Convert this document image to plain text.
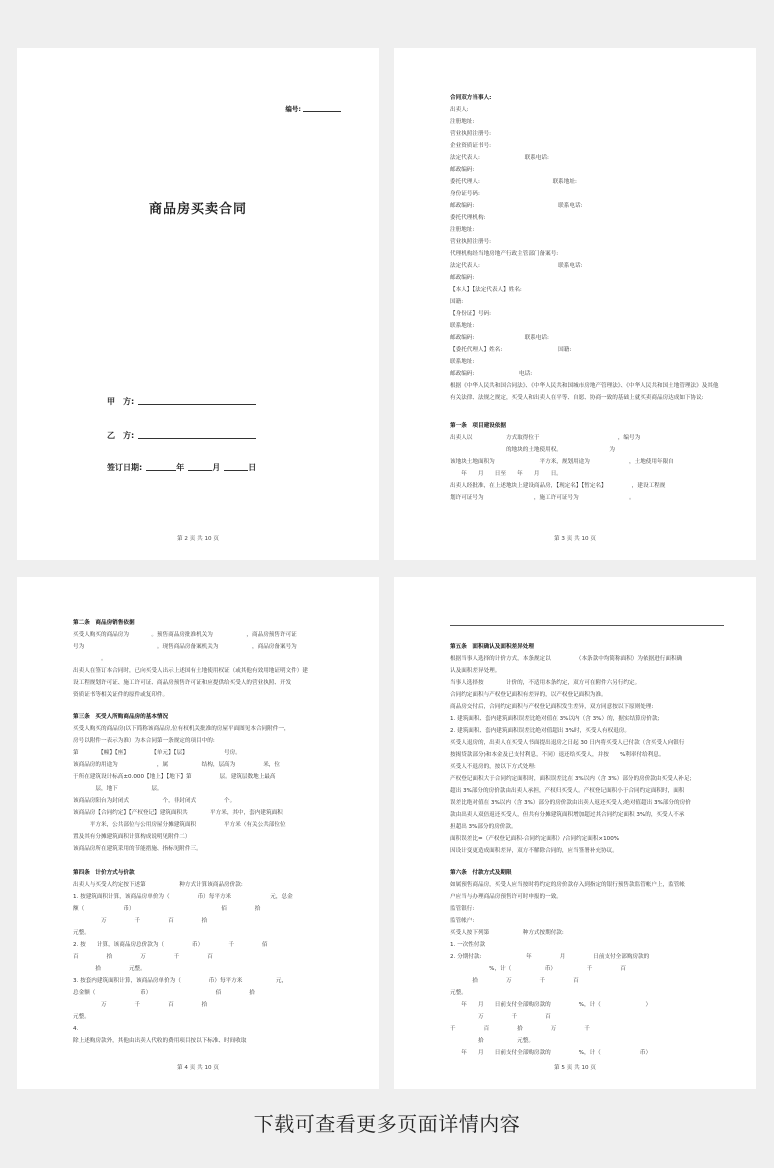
编号:
商品房买卖合同
甲　方:
乙　方:
签订日期:	年	月	日
第 2 页 共 10 页
合同双方当事人:
出卖人:
注册地址:
营业执照注册号:
企业资质证书号:
法定代表人:　　　　　　　　联系电话:
邮政编码:
委托代理人:　　　　　　　　　　　　　联系地址:
身份证号码:
邮政编码:　　　　　　　　　　　　　　　联系电话:
委托代理机构:
注册地址:
营业执照注册号:
代理机构经当地房地产行政主管部门备案号:
法定代表人:　　　　　　　　　　　　　　联系电话:
邮政编码:
【本人】【法定代表人】姓名:
国籍:
【身份证】号码:
联系地址:
邮政编码:　　　　　　　　　联系电话:
【委托代理人】姓名:　　　　　　　　　　国籍:
联系地址:
邮政编码:　　　　　　　　电话:
根据《中华人民共和国合同法》、《中华人民共和国城市房地产管理法》、《中华人民共和国土地管理法》及其他有关法律、法规之规定，买受人和出卖人在平等、自愿、协商一致的基础上就买卖商品房达成如下协议:
第一条　项目建设依据
出卖人以　　　　　　方式取得位于　　　　　　　　　　　　　　，编号为
　　　　　　　　　　的地块的土地使用权。　　　　　　　　　为
该地块土地面积为　　　　　　　　平方米，规划用途为　　　　　　　，土地使用年限自
　　年　　月　　日至　　年　　月　　日。
出卖人经批准，在上述地块上建设商品房，【现定名】【暂定名】　　　　　，建设工程规
划许可证号为　　　　　　　　　，施工许可证号为　　　　　　　　　。
第 3 页 共 10 页
第二条　商品房销售依据
买受人购买的商品房为　　　　。预售商品房批准机关为　　　　　　，商品房预售许可证
号为　　　　　　　　　　　　　。现售商品房备案机关为　　　　　　，商品房备案号为
　　　　　。
出卖人在签订本合同时，已向买受人出示上述国有土地使用权证（或其他有效用地证明文件）建
设工程规划许可证、施工许可证、商品房预售许可证和应提供给买受人的营业执照、开发
资质证书等相关证件的原件或复印件。
第三条　买受人所购商品房的基本情况
买受人购买的商品房(以下简称该商品房,位有权机关批准的房屋平面图见本合同附件一，
房号以附件一表示为准）为本合同第一条规定的项目中的:
第　　　　【幢】【座】　　　　　【单元】【层】　　　　　　　号房。
该商品房的用途为　　　　　　　，属　　　　　　结构，层高为　　　　　米，位
于所在建筑设计标高±0.000【地上】【地下】第　　　　　层。建筑层数地上最高
　　　　层，地下　　　　　　层。
该商品房阳台为封闭式　　　　　　个，非封闭式　　　　　个。
该商品房【合同约定】【产权登记】建筑面积共　　　　平方米，其中，套内建筑面积
　　　平方米，公共部位与公用房屋分摊建筑面积　　　　　平方米（有关公共部位位
置及其有分摊建筑面积计算构成说明见附件二）
该商品房所在建筑采用的节能措施、指标见附件三。
第四条　计价方式与价款
出卖人与买受人约定按下述第　　　　　　种方式计算该商品房价款:
1. 按建筑面积计算，该商品房单价为（　　　　　币）每平方米　　　　　　　元，总金
额（　　　　　　　币）　　　　　　　　　　　　　　　　佰　　　　　拾
　　　　　万　　　　　千　　　　　百　　　　　拾
元整。
2. 按　　计算，该商品房总价款为（　　　　　币）　　　　　千　　　　　佰
百　　　　　拾　　　　　万　　　　　千　　　　　百
　　　　拾　　　　　元整。
3. 按套内建筑面积计算，该商品房单价为（　　　　　币）每平方米　　　　　　元，
总金额（　　　　　　　　币）　　　　　　　　　　　　佰　　　　　拾
　　　　　万　　　　　千　　　　　百　　　　　拾
元整。
4.
除上述购房款外，其他由出卖人代收的费用项目按以下标准、时间收取
第 4 页 共 10 页
第五条　面积确认及面积差异处理
根据当事人选择的计价方式，本条规定以　　　　　（本条款中均简称面积）为依据进行面积确
认及面积差异处理。
当事人选择按　　　　计价的，不适用本条约定，双方可在附件六另行约定。
合同约定面积与产权登记面积有差异的，以产权登记面积为准。
商品房交付后，合同约定面积与产权登记面积发生差异，双方同意按以下原则处理:
1. 建筑面积、套内建筑面积误差比绝对值在 3%以内（含 3%）的，据实结算房价款;
2. 建筑面积、套内建筑面积误差比绝对值超出 3%时，买受人有权退房。
买受人退房的，出卖人在买受人书面提出退房之日起 30 日内将买受人已付款（含买受人向银行
按揭贷款部分)和本金及已支付利息，不同）退还给买受人，并按　　%利率付给利息。
买受人不退房的，按以下方式处理:
产权登记面积大于合同约定面积时，面积误差比在 3%以内（含 3%）部分的房价款由买受人补足;
超出 3%部分的房价款由出卖人承担，产权归买受人。产权登记面积小于合同约定面积时，面积
误差比绝对值在 3%以内（含 3%）部分的房价款由出卖人返还买受人;绝对值超出 3%部分的房价
款由出卖人双倍返还买受人，但共有分摊建筑面积增加超过其合同约定面积 3%的，买受人不承
担超出 3%部分的房价款。
面积误差比=（产权登记面积-合同约定面积）/合同约定面积×100%
因设计变更造成面积差异，双方不解除合同的，应当签署补充协议。
第六条　付款方式及期限
如属预售商品房，买受人应当按时将约定的房价款存入到指定的银行预售款监管帐户上，监管帐
户应当与办理商品房预售许可时申报的一致。
监管银行:
监管帐户:
买受人按下列第　　　　　　种方式按期付款:
1. 一次性付款
2. 分期付款:　　　　　　　　年　　　　　月　　　　　日前支付全部购房款的
　　　　　　　%，计（　　　　　　币）　　　　　　千　　　　　百
　　　　拾　　　　　万　　　　　千　　　　　百
元整。
　　年　　月　　日前支付全部购房款的　　　　　%，计（　　　　　　　　）
　　　　　万　　　　　千　　　　　百
千　　　　　百　　　　　拾　　　　　万　　　　　千
　　　　　拾　　　　　　元整。
　　年　　月　　日前支付全部购房款的　　　　　%，计（　　　　　　　币）
第 5 页 共 10 页
下载可查看更多页面详情内容
